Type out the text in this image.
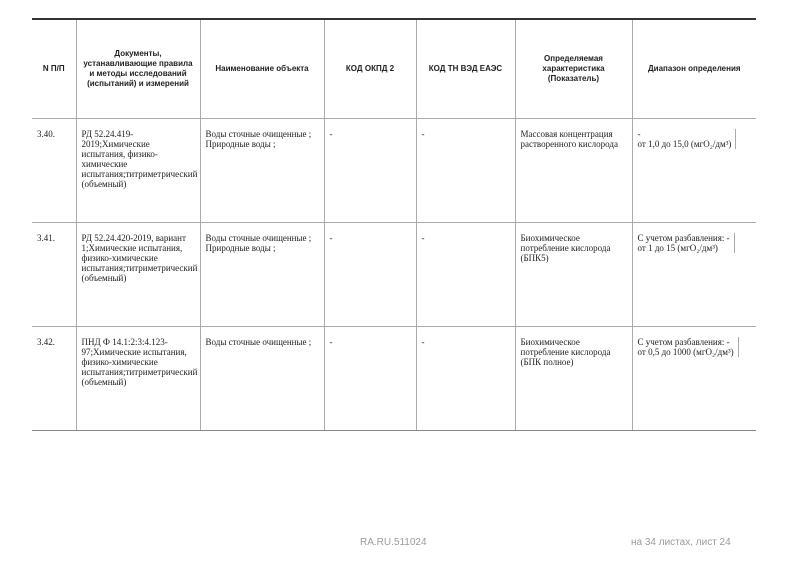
N П/П	Документы, устанавливающие правила и методы исследований (испытаний) и измерений	Наименование объекта	КОД ОКПД 2	КОД ТН ВЭД ЕАЭС	Определяемая характеристика (Показатель)	Диапазон определения
3.40.	РД 52.24.419-2019;Химические испытания, физико-химические испытания;титриметрический (объемный)	Воды сточные очищенные ; Природные воды ;	-	-	Массовая концентрация растворенного кислорода	-
от 1,0 до 15,0 (мгО₂/дм³)

3.41.	РД 52.24.420-2019, вариант 1;Химические испытания, физико-химические испытания;титриметрический (объемный)	Воды сточные очищенные ; Природные воды ;	-	-	Биохимическое потребление кислорода (БПК5)	С учетом разбавления: -
от 1 до 15 (мгО₂/дм³)

3.42.	ПНД Ф 14.1:2:3:4.123-97;Химические испытания, физико-химические испытания;титриметрический (объемный)	Воды сточные очищенные ;	-	-	Биохимическое потребление кислорода (БПК полное)	С учетом разбавления: -
от 0,5 до 1000 (мгО₂/дм³)
RA.RU.511024	на 34 листах, лист 24
